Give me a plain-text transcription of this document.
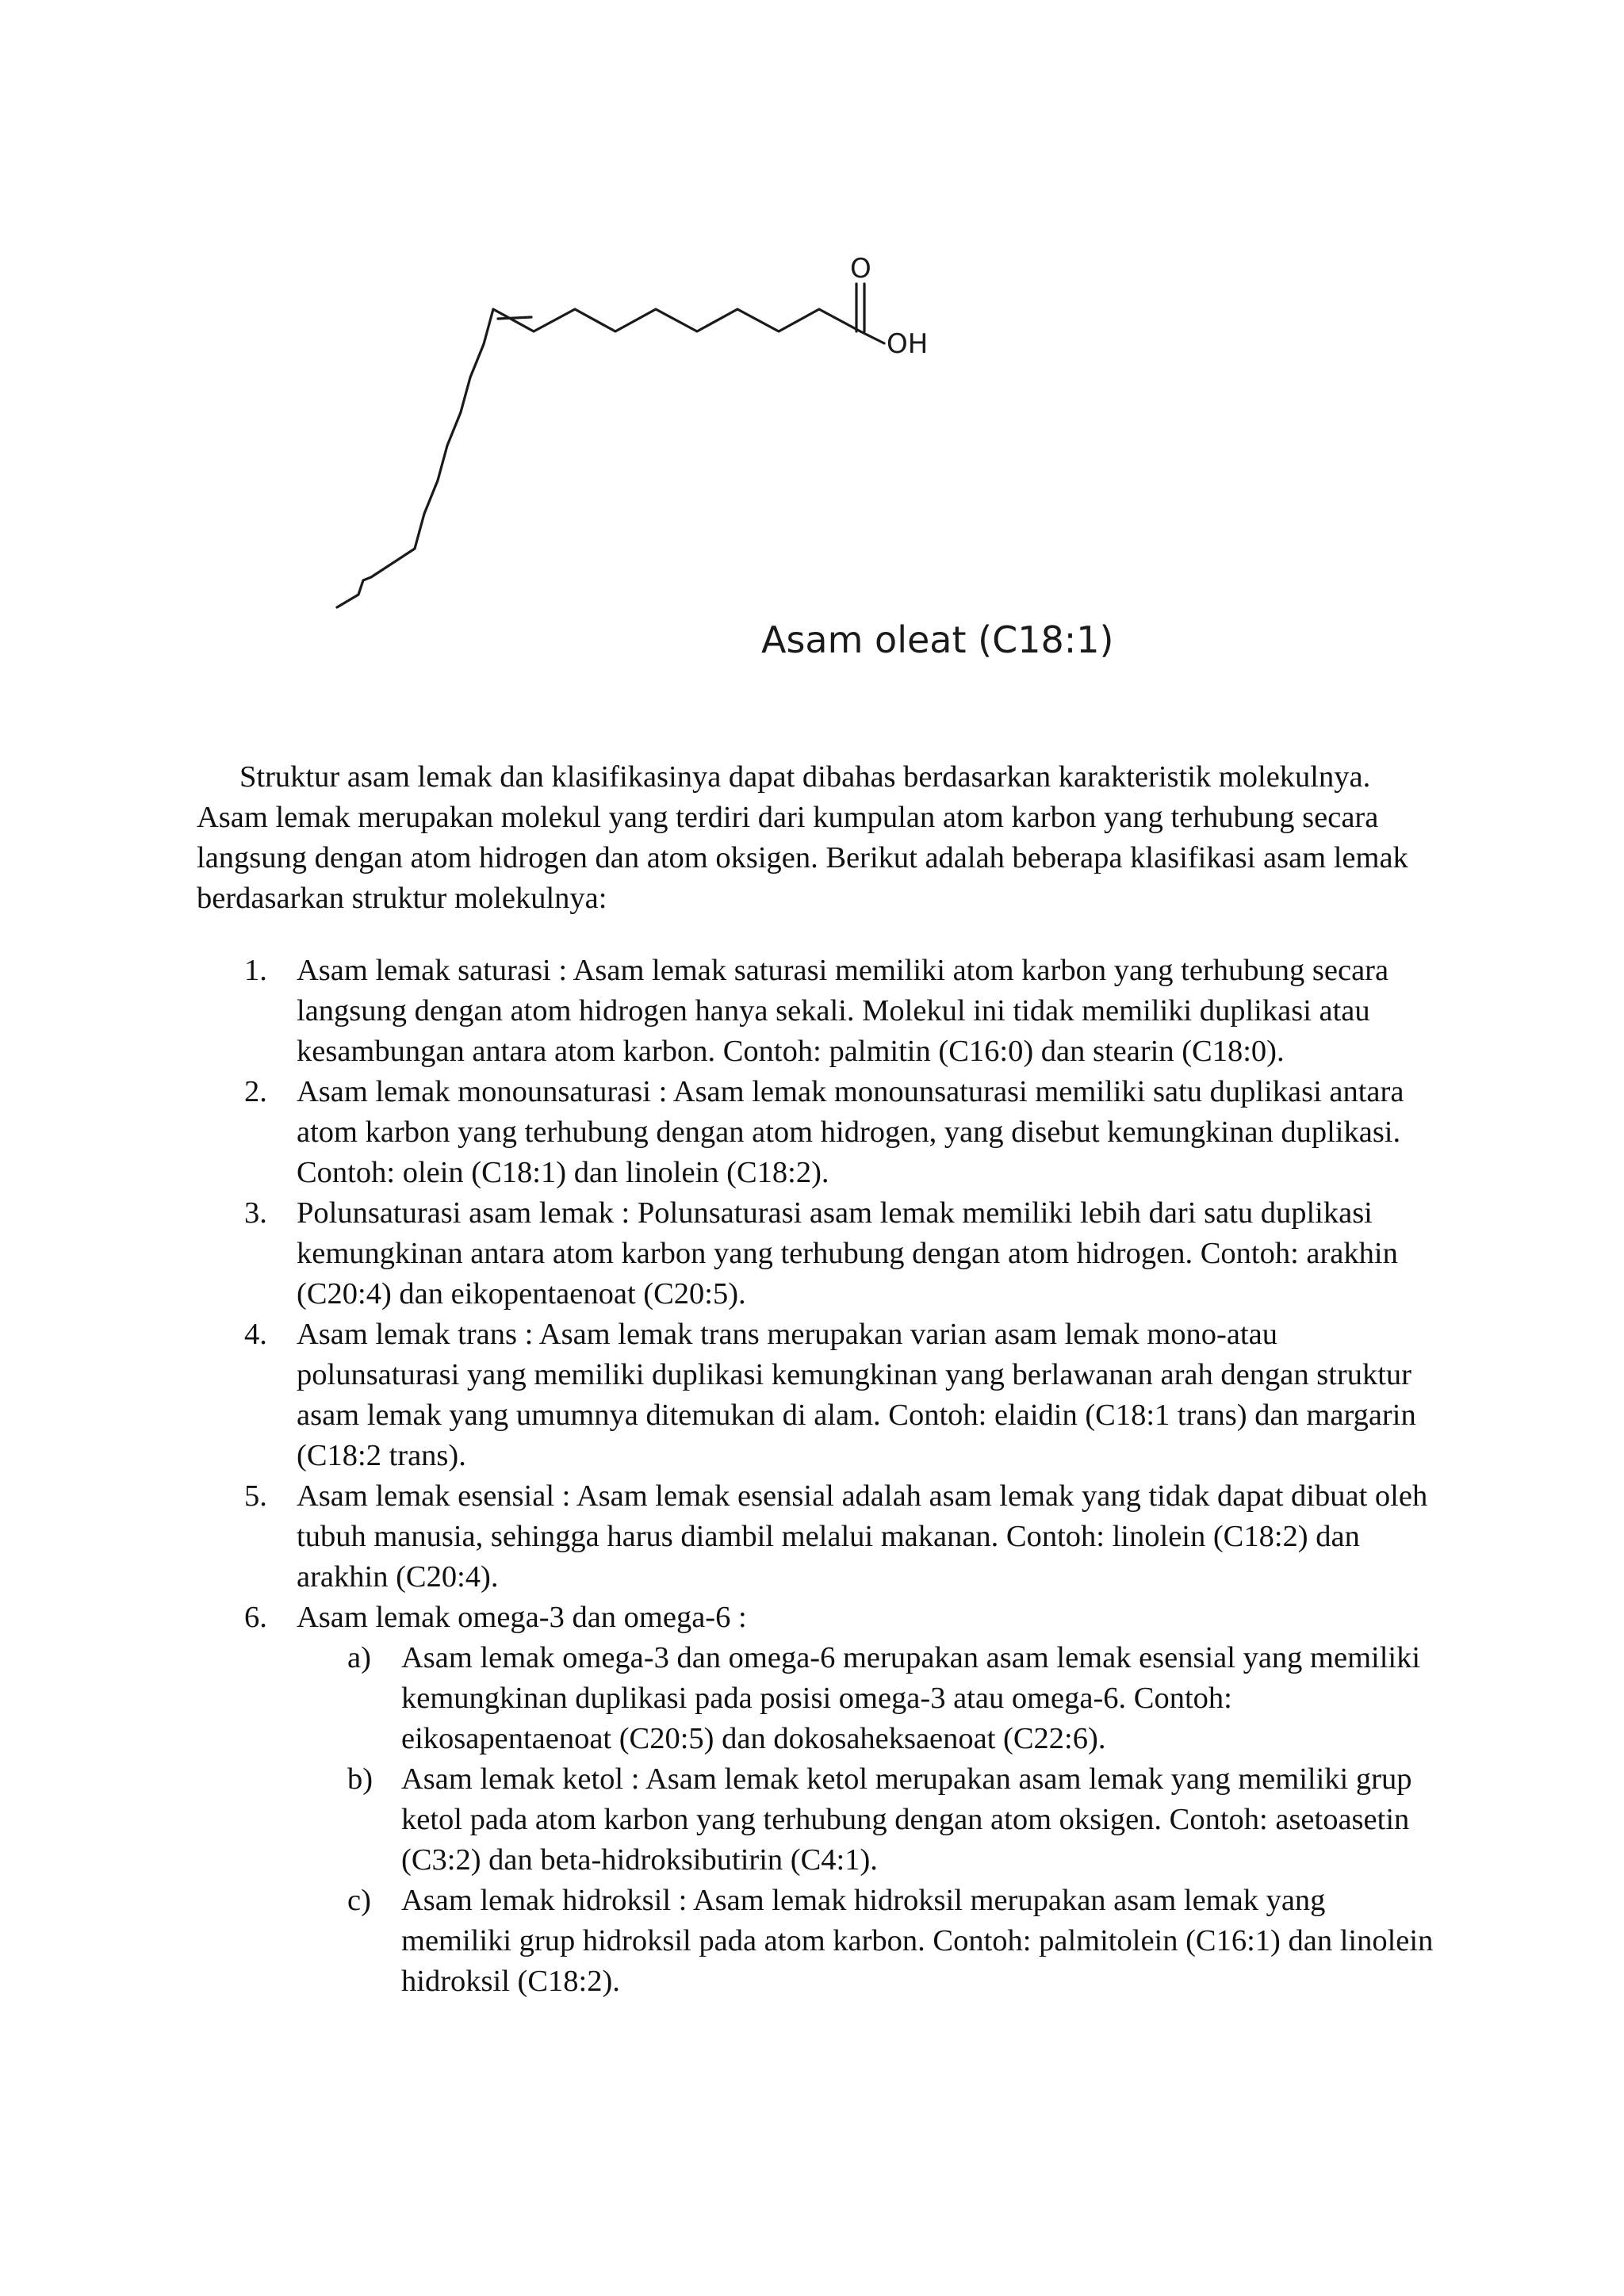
O
OH
Asam oleat (C18:1)

Struktur asam lemak dan klasifikasinya dapat dibahas berdasarkan karakteristik molekulnya. Asam lemak merupakan molekul yang terdiri dari kumpulan atom karbon yang terhubung secara langsung dengan atom hidrogen dan atom oksigen. Berikut adalah beberapa klasifikasi asam lemak berdasarkan struktur molekulnya:

1. Asam lemak saturasi : Asam lemak saturasi memiliki atom karbon yang terhubung secara langsung dengan atom hidrogen hanya sekali. Molekul ini tidak memiliki duplikasi atau kesambungan antara atom karbon. Contoh: palmitin (C16:0) dan stearin (C18:0).
2. Asam lemak monounsaturasi : Asam lemak monounsaturasi memiliki satu duplikasi antara atom karbon yang terhubung dengan atom hidrogen, yang disebut kemungkinan duplikasi. Contoh: olein (C18:1) dan linolein (C18:2).
3. Polunsaturasi asam lemak : Polunsaturasi asam lemak memiliki lebih dari satu duplikasi kemungkinan antara atom karbon yang terhubung dengan atom hidrogen. Contoh: arakhin (C20:4) dan eikopentaenoat (C20:5).
4. Asam lemak trans : Asam lemak trans merupakan varian asam lemak mono-atau polunsaturasi yang memiliki duplikasi kemungkinan yang berlawanan arah dengan struktur asam lemak yang umumnya ditemukan di alam. Contoh: elaidin (C18:1 trans) dan margarin (C18:2 trans).
5. Asam lemak esensial : Asam lemak esensial adalah asam lemak yang tidak dapat dibuat oleh tubuh manusia, sehingga harus diambil melalui makanan. Contoh: linolein (C18:2) dan arakhin (C20:4).
6. Asam lemak omega-3 dan omega-6 :
a) Asam lemak omega-3 dan omega-6 merupakan asam lemak esensial yang memiliki kemungkinan duplikasi pada posisi omega-3 atau omega-6. Contoh: eikosapentaenoat (C20:5) dan dokosaheksaenoat (C22:6).
b) Asam lemak ketol : Asam lemak ketol merupakan asam lemak yang memiliki grup ketol pada atom karbon yang terhubung dengan atom oksigen. Contoh: asetoasetin (C3:2) dan beta-hidroksibutirin (C4:1).
c) Asam lemak hidroksil : Asam lemak hidroksil merupakan asam lemak yang memiliki grup hidroksil pada atom karbon. Contoh: palmitolein (C16:1) dan linolein hidroksil (C18:2).
